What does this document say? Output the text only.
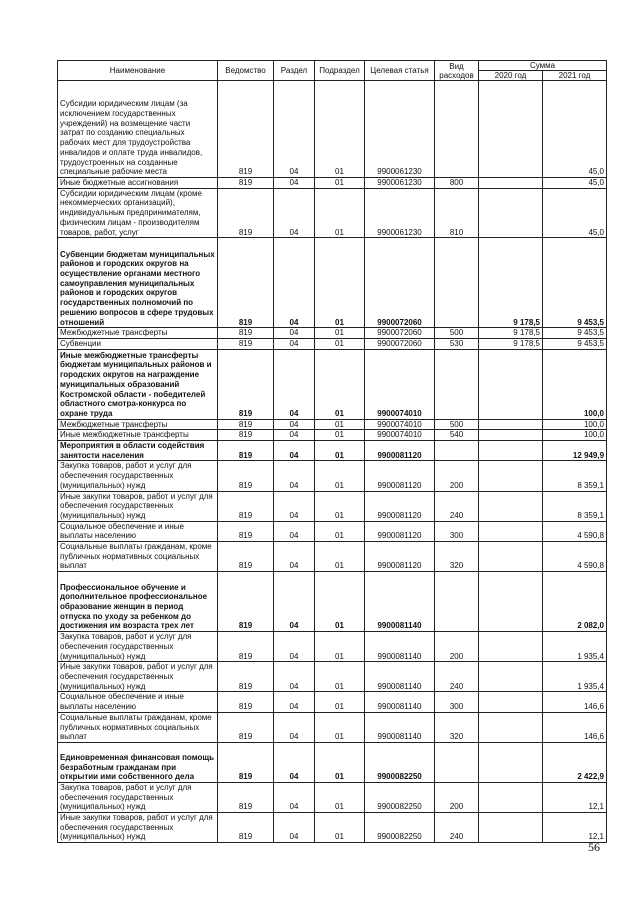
Наименование	Ведомство	Раздел	Подраздел	Целевая статья	Вид расходов	Сумма	
						2020 год	2021 год
Субсидии юридическим лицам (за исключением государственных учреждений) на возмещение части затрат по созданию специальных рабочих мест для трудоустройства инвалидов и оплате труда инвалидов, трудоустроенных на созданные специальные рабочие места	819	04	01	9900061230			45,0
Иные бюджетные ассигнования	819	04	01	9900061230	800		45,0
Субсидии юридическим лицам (кроме некоммерческих организаций), индивидуальным предпринимателям, физическим лицам - производителям товаров, работ, услуг	819	04	01	9900061230	810		45,0
Субвенции бюджетам муниципальных районов и городских округов на осуществление органами местного самоуправления муниципальных районов и городских округов государственных полномочий по решению вопросов в сфере трудовых отношений	819	04	01	9900072060		9 178,5	9 453,5
Межбюджетные трансферты	819	04	01	9900072060	500	9 178,5	9 453,5
Субвенции	819	04	01	9900072060	530	9 178,5	9 453,5
Иные межбюджетные трансферты бюджетам муниципальных районов и городских округов на награждение муниципальных образований Костромской области - победителей областного смотра-конкурса по охране труда	819	04	01	9900074010			100,0
Межбюджетные трансферты	819	04	01	9900074010	500		100,0
Иные межбюджетные трансферты	819	04	01	9900074010	540		100,0
Мероприятия в области содействия занятости населения	819	04	01	9900081120			12 949,9
Закупка товаров, работ и услуг для обеспечения государственных (муниципальных) нужд	819	04	01	9900081120	200		8 359,1
Иные закупки товаров, работ и услуг для обеспечения государственных (муниципальных) нужд	819	04	01	9900081120	240		8 359,1
Социальное обеспечение и иные выплаты населению	819	04	01	9900081120	300		4 590,8
Социальные выплаты гражданам, кроме публичных нормативных социальных выплат	819	04	01	9900081120	320		4 590,8
Профессиональное обучение и дополнительное профессиональное образование женщин в период отпуска по уходу за ребенком до достижения им возраста трех лет	819	04	01	9900081140			2 082,0
Закупка товаров, работ и услуг для обеспечения государственных (муниципальных) нужд	819	04	01	9900081140	200		1 935,4
Иные закупки товаров, работ и услуг для обеспечения государственных (муниципальных) нужд	819	04	01	9900081140	240		1 935,4
Социальное обеспечение и иные выплаты населению	819	04	01	9900081140	300		146,6
Социальные выплаты гражданам, кроме публичных нормативных социальных выплат	819	04	01	9900081140	320		146,6
Единовременная финансовая помощь безработным гражданам при открытии ими собственного дела	819	04	01	9900082250			2 422,9
Закупка товаров, работ и услуг для обеспечения государственных (муниципальных) нужд	819	04	01	9900082250	200		12,1
Иные закупки товаров, работ и услуг для обеспечения государственных (муниципальных) нужд	819	04	01	9900082250	240		12,1
56
